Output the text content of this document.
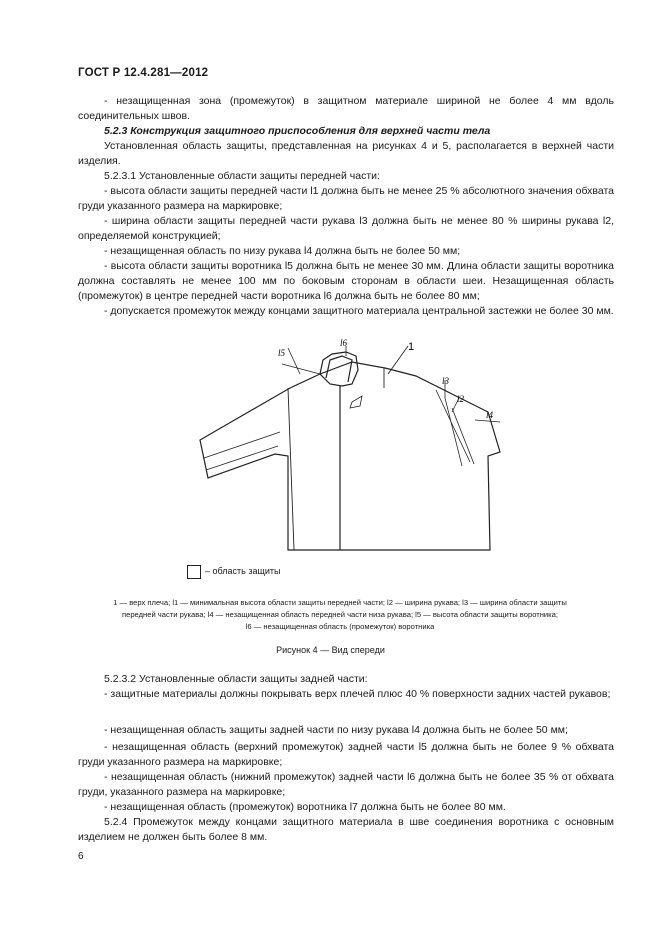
ГОСТ Р 12.4.281—2012
- незащищенная зона (промежуток) в защитном материале шириной не более 4 мм вдоль соединительных швов.
5.2.3 Конструкция защитного приспособления для верхней части тела
Установленная область защиты, представленная на рисунках 4 и 5, располагается в верхней части изделия.
5.2.3.1 Установленные области защиты передней части:
- высота области защиты передней части l1 должна быть не менее 25 % абсолютного значения обхвата груди указанного размера на маркировке;
- ширина области защиты передней части рукава l3 должна быть не менее 80 % ширины рукава l2, определяемой конструкцией;
- незащищенная область по низу рукава l4 должна быть не более 50 мм;
- высота области защиты воротника l5 должна быть не менее 30 мм. Длина области защиты воротника должна составлять не менее 100 мм по боковым сторонам в области шеи. Незащищенная область (промежуток) в центре передней части воротника l6 должна быть не более 80 мм;
- допускается промежуток между концами защитного материала центральной застежки не более 30 мм.
l5
l6	1
l3
l2
l4
– область защиты
1 — верх плеча; l1 — минимальная высота области защиты передней части; l2 — ширина рукава; l3 — ширина области защиты передней части рукава; l4 — незащищенная область передней части низа рукава; l5 — высота области защиты воротника;
l6 — незащищенная область (промежуток) воротника
Рисунок 4 — Вид спереди
5.2.3.2 Установленные области защиты задней части:
- защитные материалы должны покрывать верх плечей плюс 40 % поверхности задних частей рукавов;
- незащищенная область защиты задней части по низу рукава l4 должна быть не более 50 мм;
- незащищенная область (верхний промежуток) задней части l5 должна быть не более 9 % обхвата груди указанного размера на маркировке;
- незащищенная область (нижний промежуток) задней части l6 должна быть не более 35 % от обхвата груди, указанного размера на маркировке;
- незащищенная область (промежуток) воротника l7 должна быть не более 80 мм.
5.2.4 Промежуток между концами защитного материала в шве соединения воротника с основным изделием не должен быть более 8 мм.
6
